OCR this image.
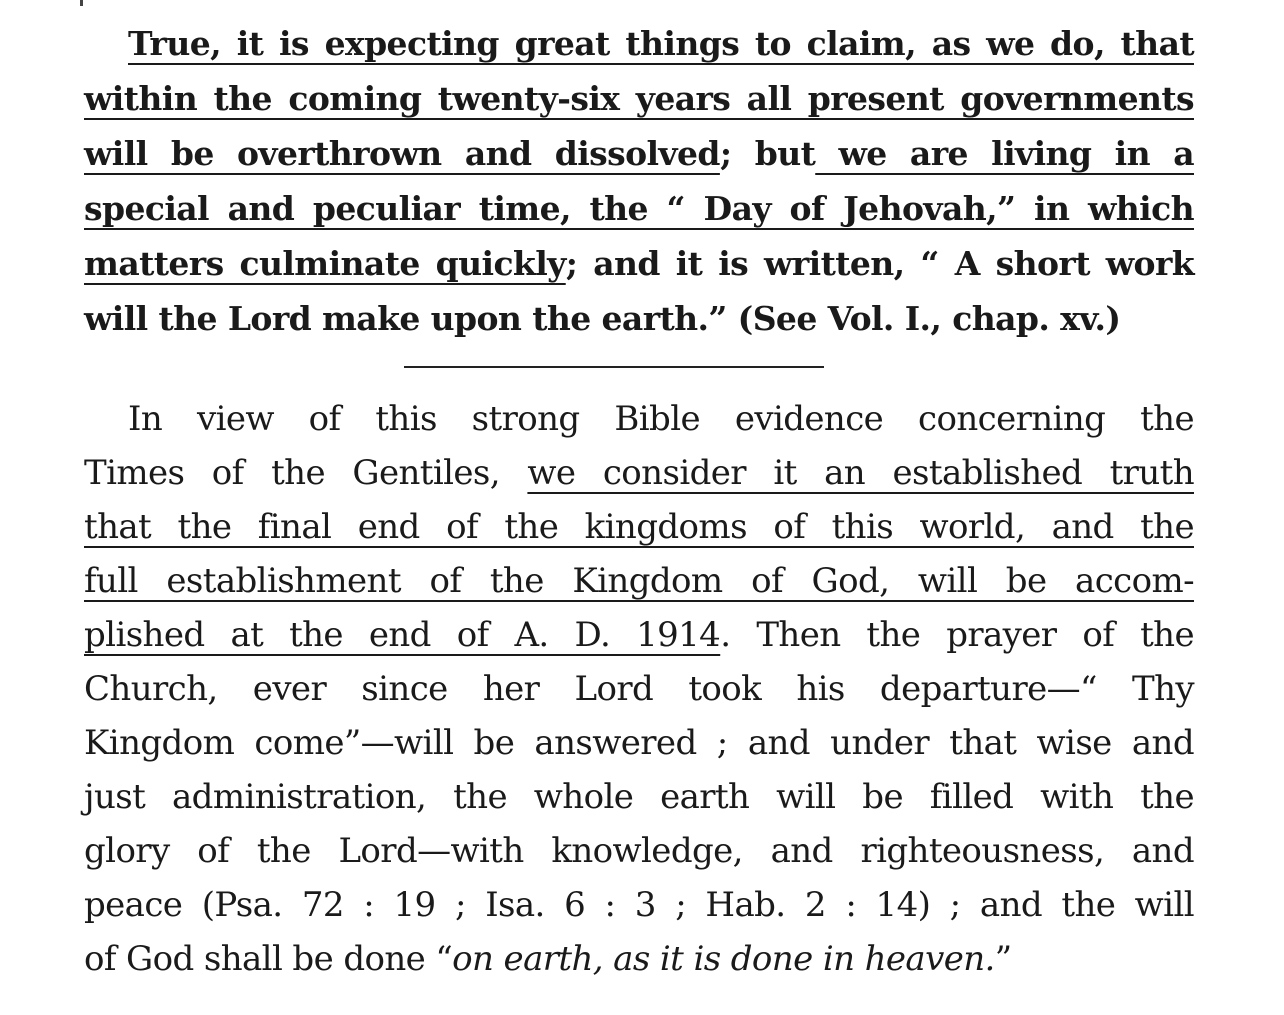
True, it is expecting great things to claim, as we do, that
within the coming twenty-six years all present governments
will be overthrown and dissolved; but we are living in a
special and peculiar time, the “ Day of Jehovah,” in which
matters culminate quickly; and it is written, “ A short work
will the Lord make upon the earth.” (See Vol. I., chap. xv.)
In view of this strong Bible evidence concerning the
Times of the Gentiles, we consider it an established truth
that the final end of the kingdoms of this world, and the
full establishment of the Kingdom of God, will be accom-
plished at the end of A. D. 1914. Then the prayer of the
Church, ever since her Lord took his departure—“ Thy
Kingdom come”—will be answered ; and under that wise and
just administration, the whole earth will be filled with the
glory of the Lord—with knowledge, and righteousness, and
peace (Psa. 72 : 19 ; Isa. 6 : 3 ; Hab. 2 : 14) ; and the will
of God shall be done “on earth, as it is done in heaven.”
